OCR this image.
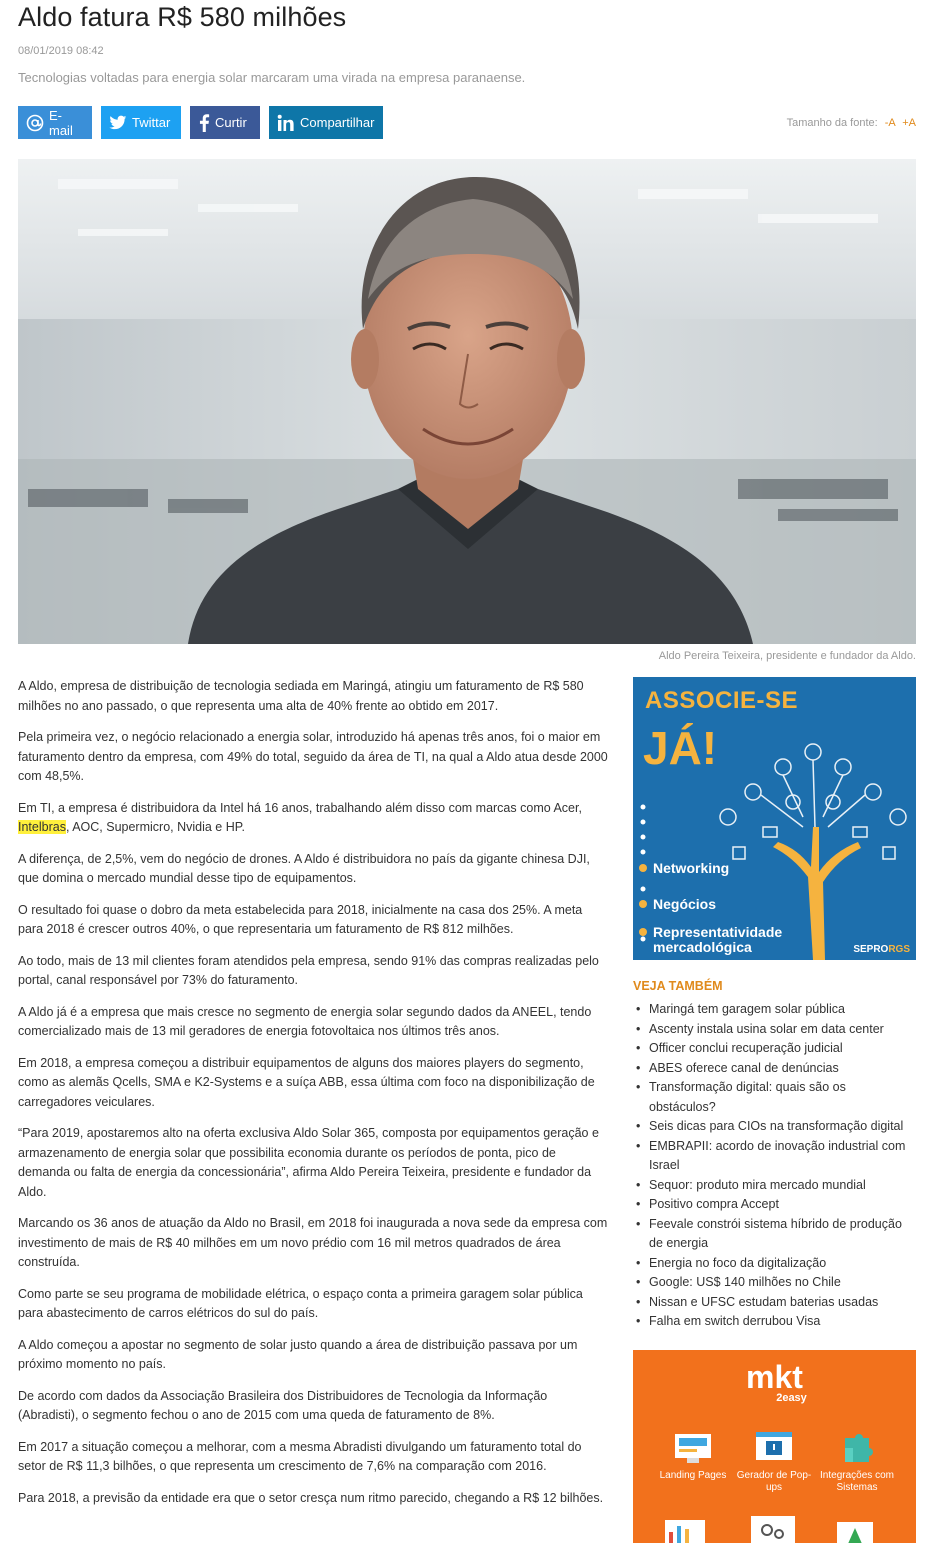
Aldo fatura R$ 580 milhões
08/01/2019 08:42
Tecnologias voltadas para energia solar marcaram uma virada na empresa paranaense.
E-mail	Twittar	Curtir	Compartilhar	Tamanho da fonte: -A +A
Aldo Pereira Teixeira, presidente e fundador da Aldo.

A Aldo, empresa de distribuição de tecnologia sediada em Maringá, atingiu um faturamento de R$ 580 milhões no ano passado, o que representa uma alta de 40% frente ao obtido em 2017.

Pela primeira vez, o negócio relacionado a energia solar, introduzido há apenas três anos, foi o maior em faturamento dentro da empresa, com 49% do total, seguido da área de TI, na qual a Aldo atua desde 2000 com 48,5%.

Em TI, a empresa é distribuidora da Intel há 16 anos, trabalhando além disso com marcas como Acer, Intelbras, AOC, Supermicro, Nvidia e HP.

A diferença, de 2,5%, vem do negócio de drones. A Aldo é distribuidora no país da gigante chinesa DJI, que domina o mercado mundial desse tipo de equipamentos.

O resultado foi quase o dobro da meta estabelecida para 2018, inicialmente na casa dos 25%. A meta para 2018 é crescer outros 40%, o que representaria um faturamento de R$ 812 milhões.

Ao todo, mais de 13 mil clientes foram atendidos pela empresa, sendo 91% das compras realizadas pelo portal, canal responsável por 73% do faturamento.

A Aldo já é a empresa que mais cresce no segmento de energia solar segundo dados da ANEEL, tendo comercializado mais de 13 mil geradores de energia fotovoltaica nos últimos três anos.

Em 2018, a empresa começou a distribuir equipamentos de alguns dos maiores players do segmento, como as alemãs Qcells, SMA e K2-Systems e a suíça ABB, essa última com foco na disponibilização de carregadores veiculares.

“Para 2019, apostaremos alto na oferta exclusiva Aldo Solar 365, composta por equipamentos geração e armazenamento de energia solar que possibilita economia durante os períodos de ponta, pico de demanda ou falta de energia da concessionária”, afirma Aldo Pereira Teixeira, presidente e fundador da Aldo.

Marcando os 36 anos de atuação da Aldo no Brasil, em 2018 foi inaugurada a nova sede da empresa com investimento de mais de R$ 40 milhões em um novo prédio com 16 mil metros quadrados de área construída.

Como parte se seu programa de mobilidade elétrica, o espaço conta a primeira garagem solar pública para abastecimento de carros elétricos do sul do país.

A Aldo começou a apostar no segmento de solar justo quando a área de distribuição passava por um próximo momento no país.

De acordo com dados da Associação Brasileira dos Distribuidores de Tecnologia da Informação (Abradisti), o segmento fechou o ano de 2015 com uma queda de faturamento de 8%.

Em 2017 a situação começou a melhorar, com a mesma Abradisti divulgando um faturamento total do setor de R$ 11,3 bilhões, o que representa um crescimento de 7,6% na comparação com 2016.

Para 2018, a previsão da entidade era que o setor cresça num ritmo parecido, chegando a R$ 12 bilhões.

ASSOCIE-SE
JÁ!
Networking
Negócios
Representatividade mercadológica	SEPRORGS
VEJA TAMBÉM
• Maringá tem garagem solar pública
• Ascenty instala usina solar em data center
• Officer conclui recuperação judicial
• ABES oferece canal de denúncias
• Transformação digital: quais são os obstáculos?
• Seis dicas para CIOs na transformação digital
• EMBRAPII: acordo de inovação industrial com Israel
• Sequor: produto mira mercado mundial
• Positivo compra Accept
• Feevale constrói sistema híbrido de produção de energia
• Energia no foco da digitalização
• Google: US$ 140 milhões no Chile
• Nissan e UFSC estudam baterias usadas
• Falha em switch derrubou Visa
mkt
2easy
Landing Pages	Gerador de Pop-ups
Integrações com Sistemas
